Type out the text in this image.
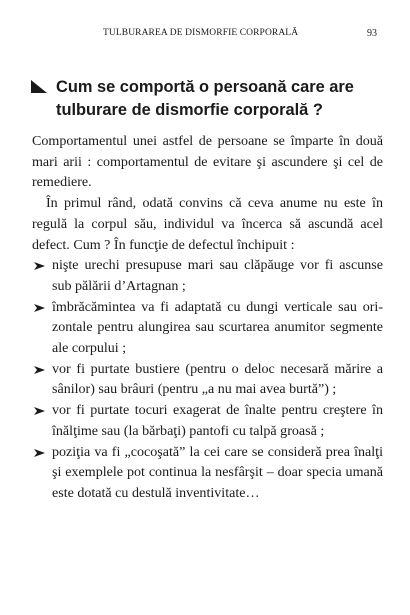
TULBURAREA DE DISMORFIE CORPORALĂ	93
Cum se comportă o persoană care are
tulburare de dismorfie corporală ?

Comportamentul unei astfel de persoane se împarte în două mari arii : comportamentul de evitare şi ascundere şi cel de remediere.

În primul rând, odată convins că ceva anume nu este în regulă la corpul său, individul va încerca să ascundă acel defect. Cum ? În funcţie de defectul închipuit :

nişte urechi presupuse mari sau clăpăuge vor fi ascunse sub pălării d’Artagnan ;
îmbrăcămintea va fi adaptată cu dungi verticale sau orizontale pentru alungirea sau scurtarea anumitor segmente ale corpului ;
vor fi purtate bustiere (pentru o deloc necesară mărire a sânilor) sau brâuri (pentru „a nu mai avea burtă”) ;
vor fi purtate tocuri exagerat de înalte pentru creştere în înălţime sau (la bărbaţi) pantofi cu talpă groasă ;
poziţia va fi „cocoşată” la cei care se consideră prea înalţi şi exemplele pot continua la nesfârşit – doar specia umană este dotată cu destulă inventivitate…
